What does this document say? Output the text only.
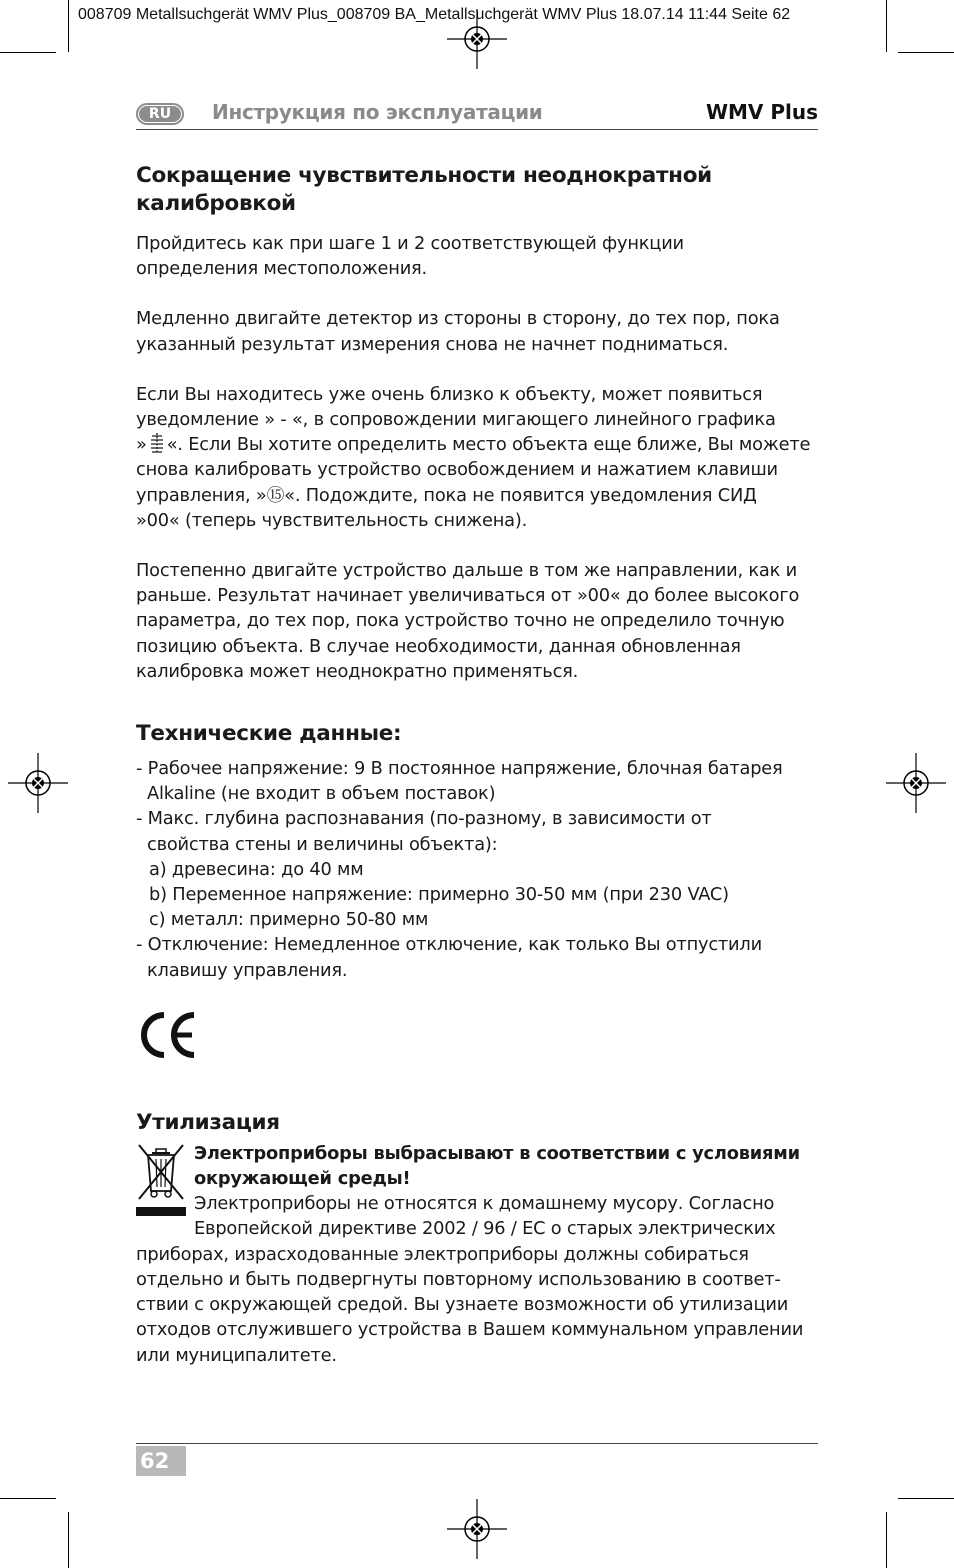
008709 Metallsuchgerät WMV Plus_008709 BA_Metallsuchgerät WMV Plus 18.07.14 11:44 Seite 62
RU	Инструкция по эксплуатации	WMV Plus
Сокращение чувствительности неоднократной
калибровкой

Пройдитесь как при шаге 1 и 2 соответствующей функции
определения местоположения.

Медленно двигайте детектор из стороны в сторону, до тех пор, пока
указанный результат измерения снова не начнет подниматься.

Если Вы находитесь уже очень близко к объекту, может появиться
уведомление » - «, в сопровождении мигающего линейного графика
» «. Если Вы хотите определить место объекта еще ближе, Вы можете
снова калибровать устройство освобождением и нажатием клавиши
управления, »⑮«. Подождите, пока не появится уведомления СИД
»00« (теперь чувствительность снижена).

Постепенно двигайте устройство дальше в том же направлении, как и
раньше. Результат начинает увеличиваться от »00« до более высокого
параметра, до тех пор, пока устройство точно не определило точную
позицию объекта. В случае необходимости, данная обновленная
калибровка может неоднократно применяться.

Технические данные:
- Рабочее напряжение: 9 В постоянное напряжение, блочная батарея
Alkaline (не входит в объем поставок)
- Макс. глубина распознавания (по-разному, в зависимости от
свойства стены и величины объекта):
a) древесина: до 40 мм
b) Переменное напряжение: примерно 30-50 мм (при 230 VAC)
c) металл: примерно 50-80 мм
- Отключение: Немедленное отключение, как только Вы отпустили
клавишу управления.
Утилизация
Электроприборы выбрасывают в соответствии с условиями
окружающей среды!
Электроприборы не относятся к домашнему мусору. Согласно
Европейской директиве 2002 / 96 / ЕС о старых электрических
приборах, израсходованные электроприборы должны собираться
отдельно и быть подвергнуты повторному использованию в соответ-
ствии с окружающей средой. Вы узнаете возможности об утилизации
отходов отслужившего устройства в Вашем коммунальном управлении
или муниципалитете.
62
